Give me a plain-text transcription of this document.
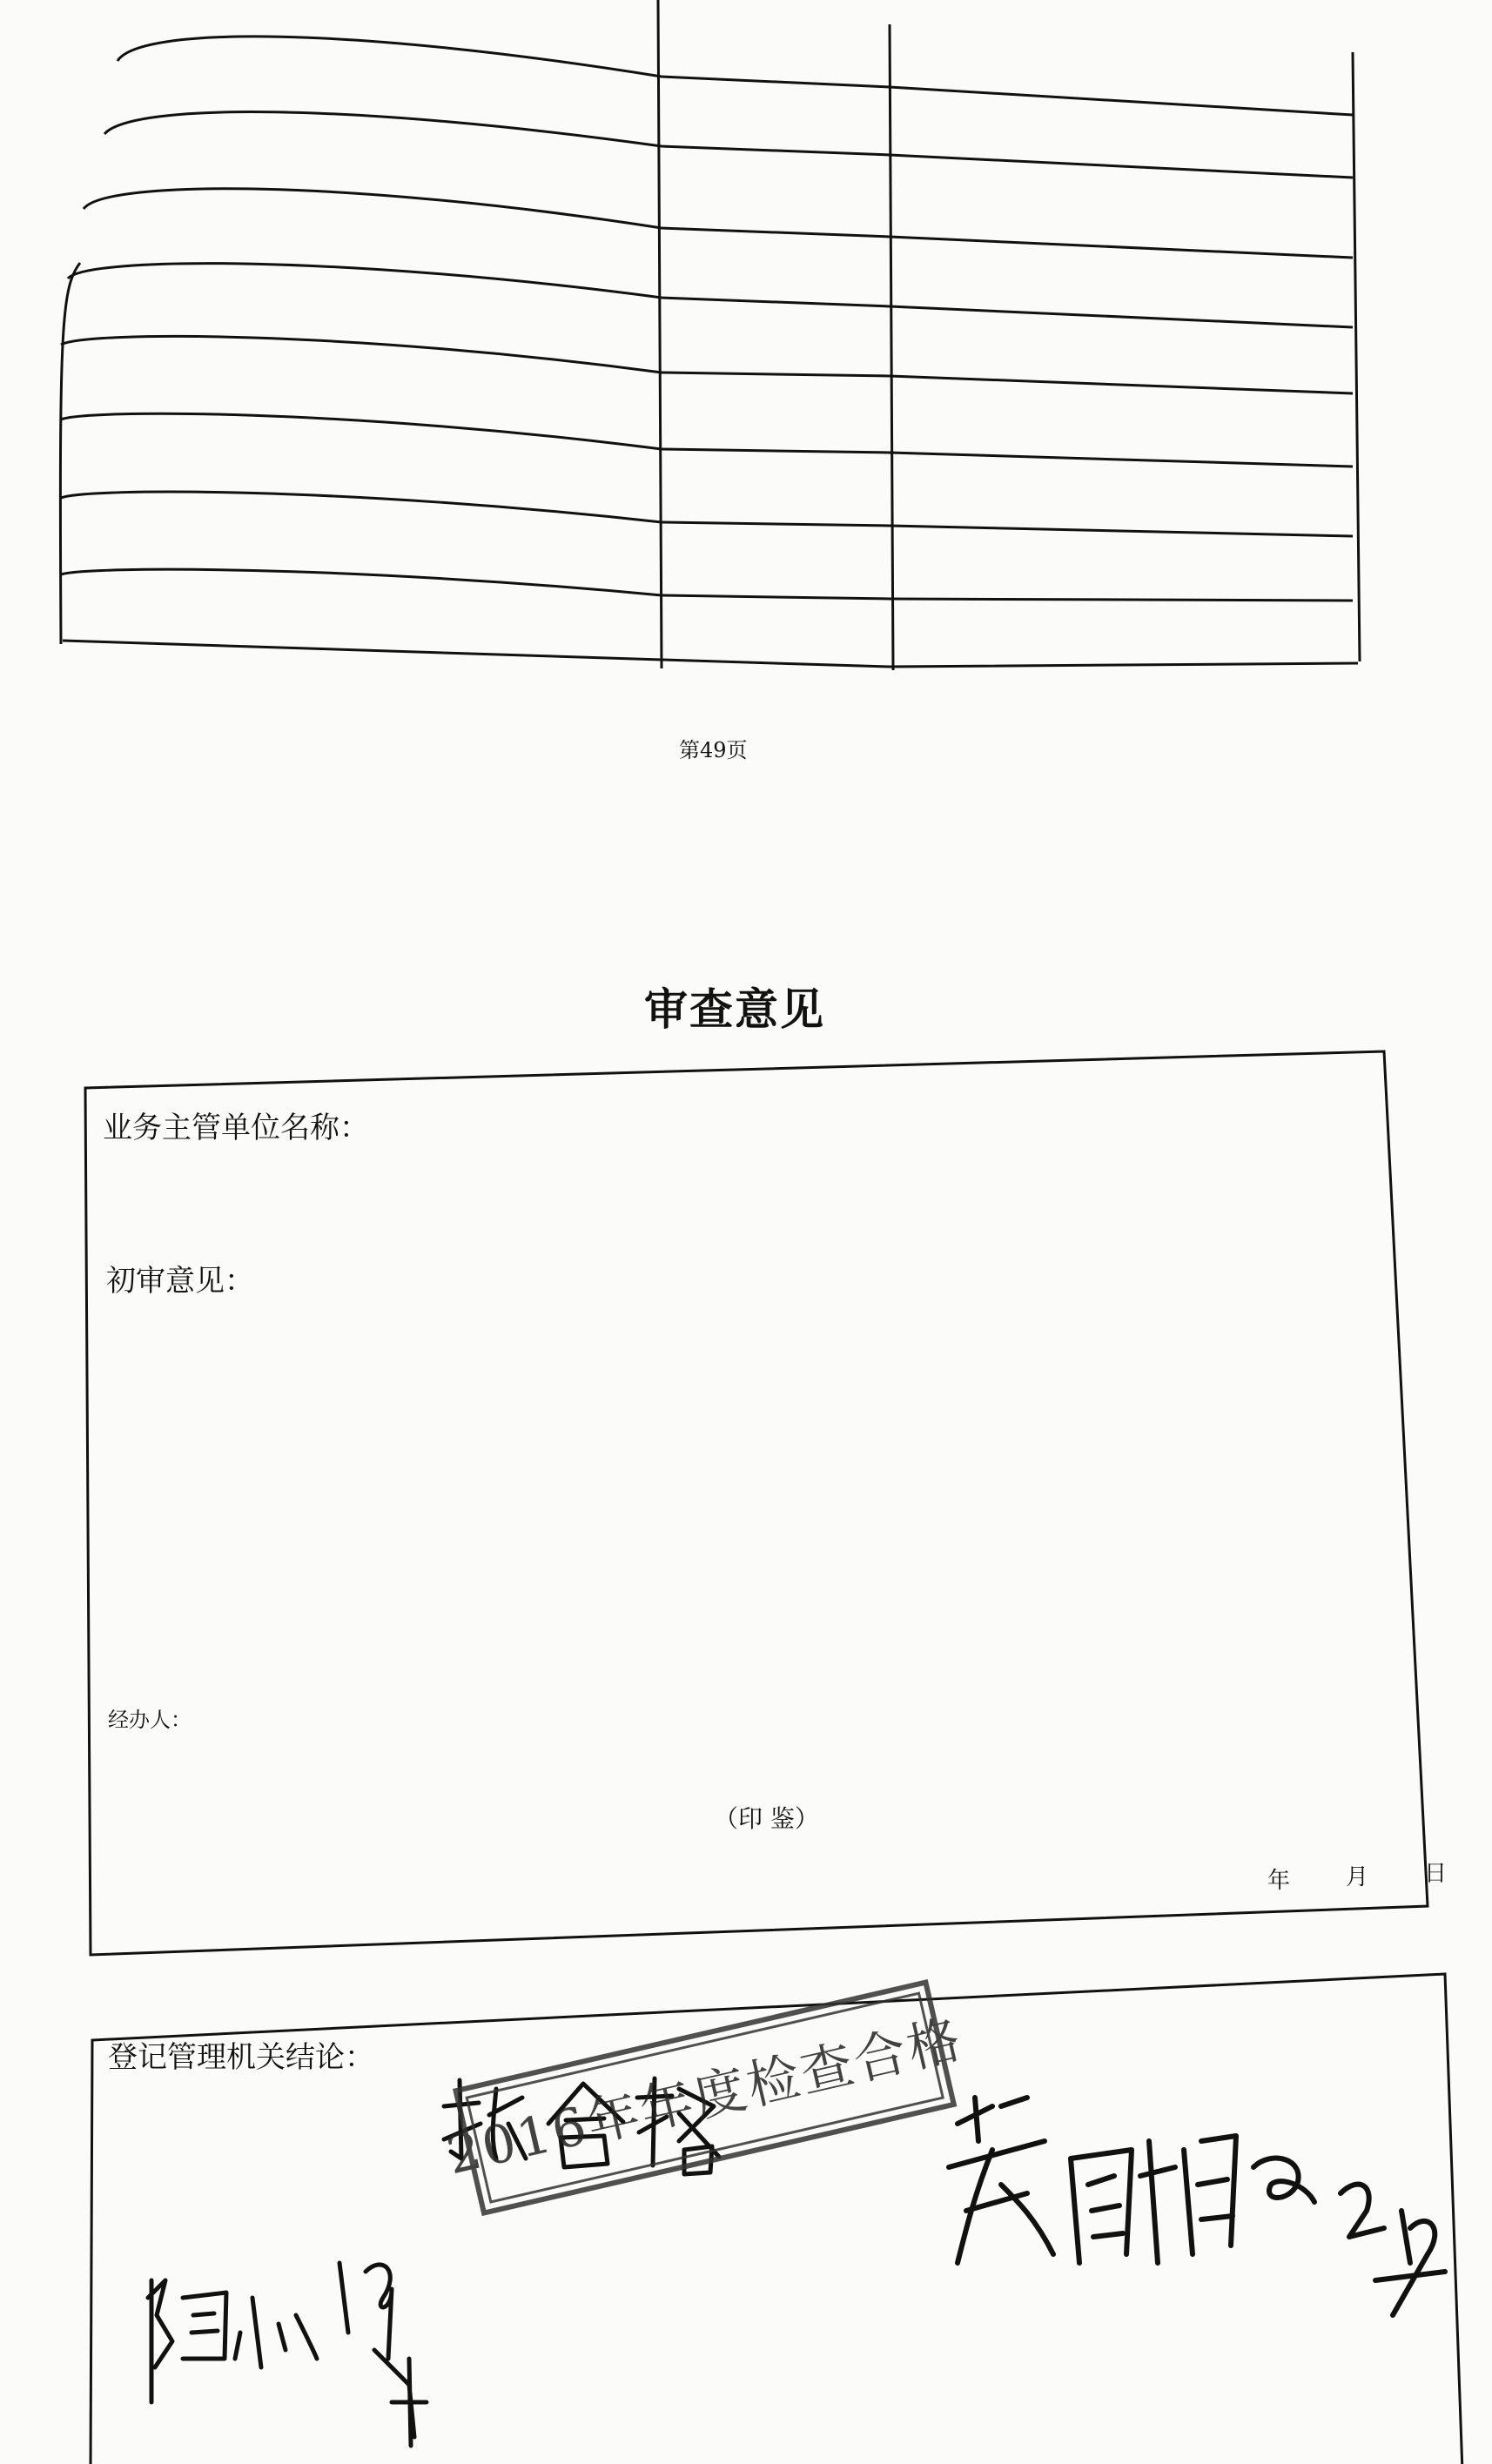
第49页
审查意见
业务主管单位名称：
初审意见：
经办人：
（印 鉴）
年 月 日
登记管理机关结论： 2016年年度检查合格
